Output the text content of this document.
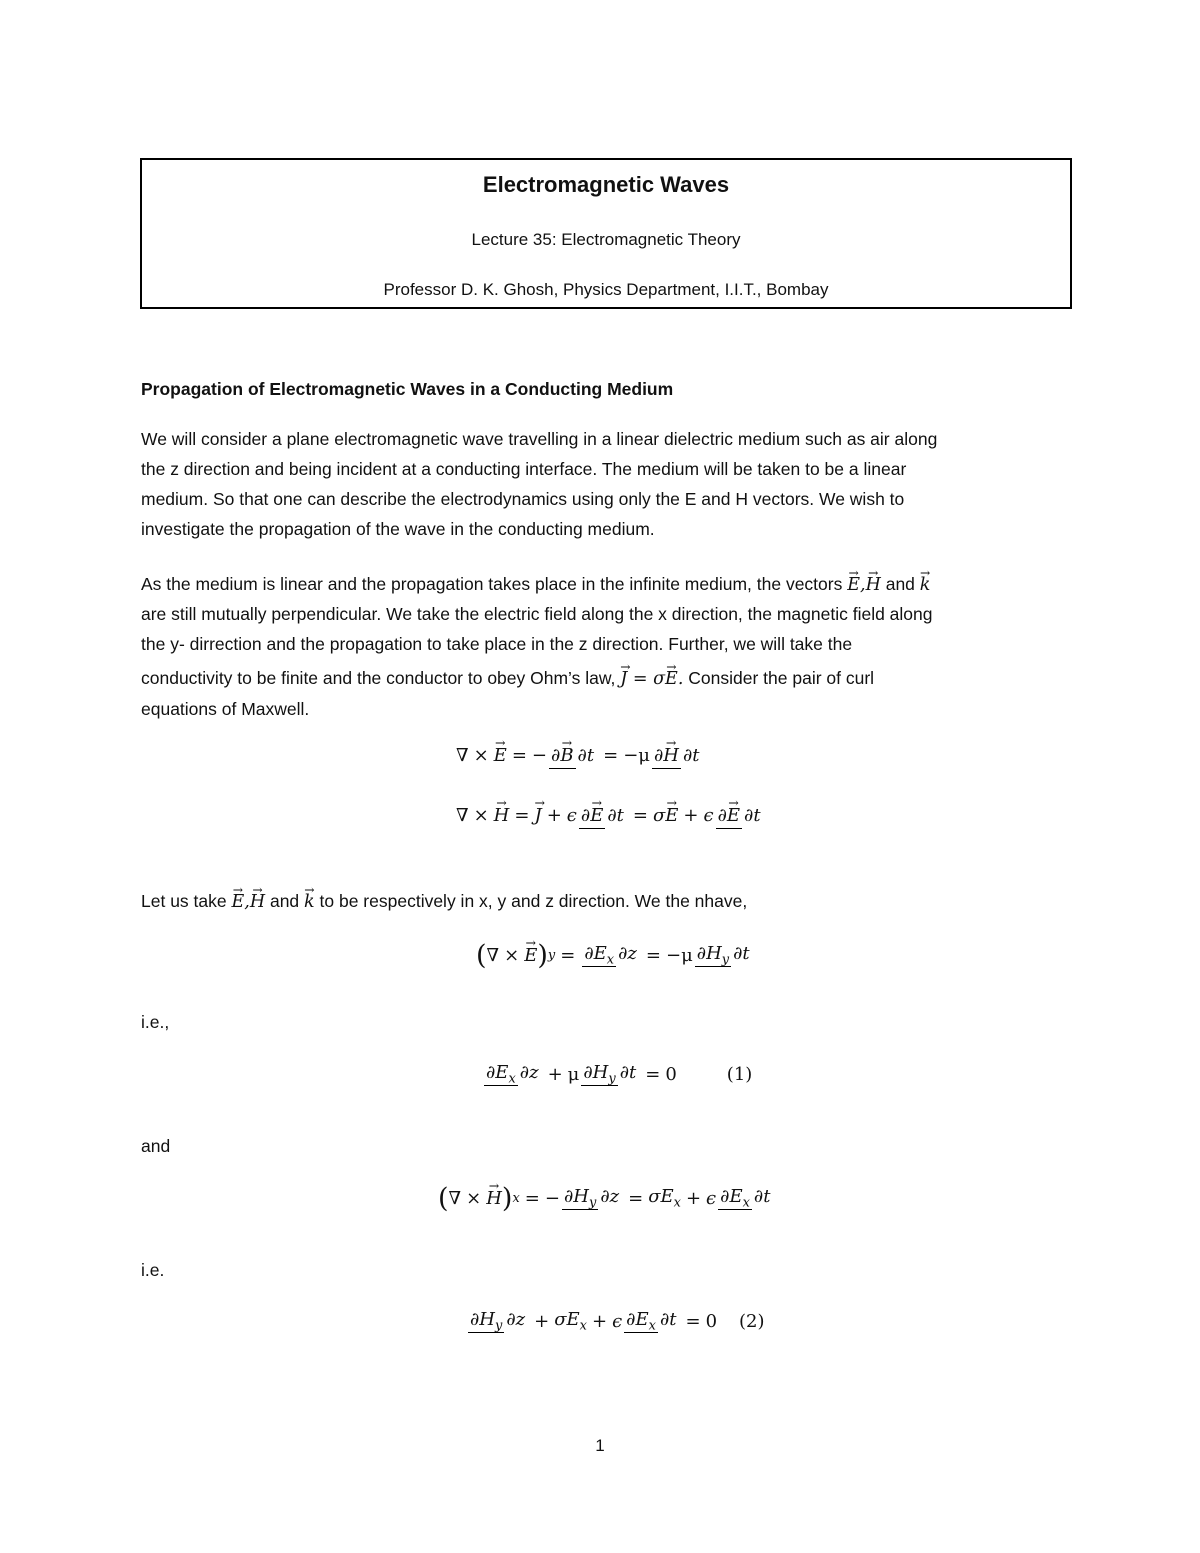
Electromagnetic Waves
Lecture 35: Electromagnetic Theory
Professor D. K. Ghosh, Physics Department, I.I.T., Bombay
Propagation of Electromagnetic Waves in a Conducting Medium
We will consider a plane electromagnetic wave travelling in a linear dielectric medium such as air along
the z direction and being incident at a conducting interface. The medium will be taken to be a linear
medium. So that one can describe the electrodynamics using only the E and H vectors. We wish to
investigate the propagation of the wave in the conducting medium.
As the medium is linear and the propagation takes place in the infinite medium, the vectors → E,→ H and → k
are still mutually perpendicular. We take the electric field along the x direction, the magnetic field along
the y- dirrection and the propagation to take place in the z direction. Further, we will take the
conductivity to be finite and the conductor to obey Ohm’s law, → J = σ→ E. Consider the pair of curl
equations of Maxwell.
∇ × → E = − ∂→ B ∂t = −μ ∂→ H ∂t
∇ × → H = → J + ϵ ∂→ E ∂t = σ → E + ϵ ∂→ E ∂t
Let us take → E,→ H and → k to be respectively in x, y and z direction. We the nhave,
( ∇ × → E ) $y = \partial E_x$ ∂z = −μ $\partial H_y$ ∂t
i.e.,
$\partial E_x$ ∂z + μ $\partial H_y$ ∂t = 0	(1)
and
( ∇ × → H ) x = − $\partial H_y$ $\partial z = \sigma E_x + \epsilon$ $\partial E_x$ ∂t
i.e.
$\partial H_y$ $\partial z + \sigma E_x + \epsilon$ $\partial E_x$ ∂t = 0 (2)
1
